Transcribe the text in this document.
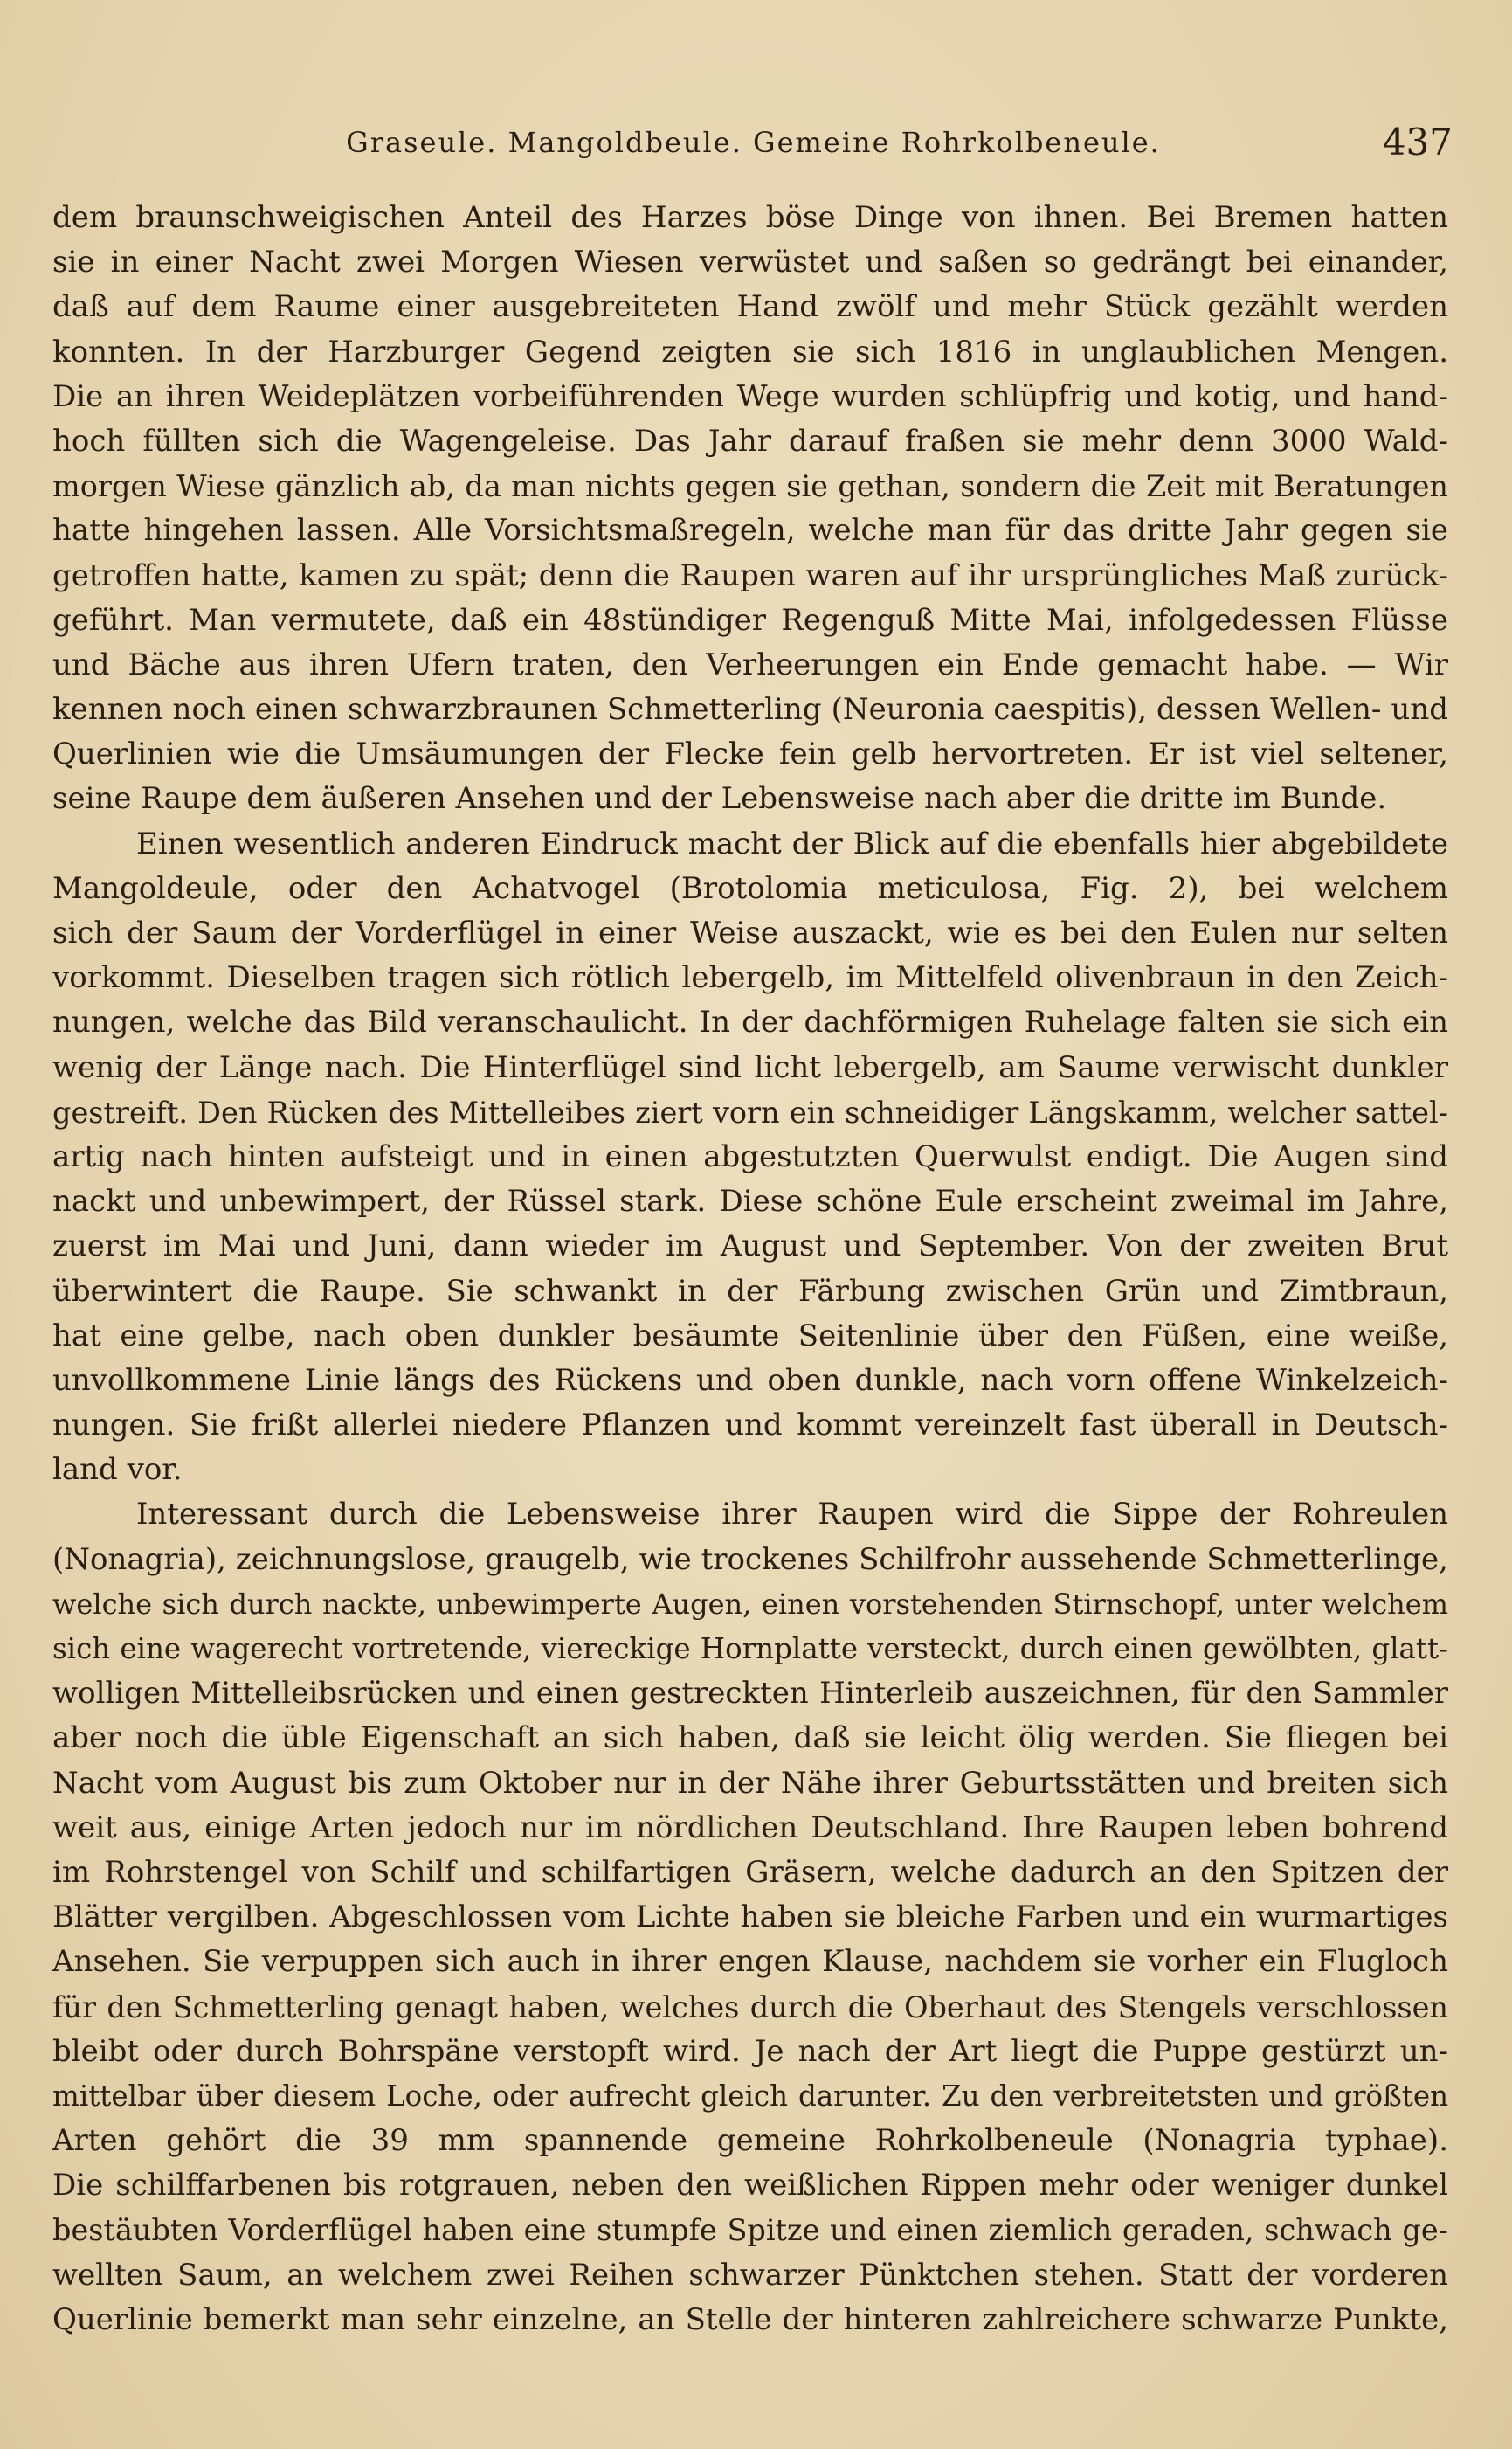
Graseule. Mangoldbeule. Gemeine Rohrkolbeneule.	437
dem braunschweigischen Anteil des Harzes böse Dinge von ihnen. Bei Bremen hatten
sie in einer Nacht zwei Morgen Wiesen verwüstet und saßen so gedrängt bei einander,
daß auf dem Raume einer ausgebreiteten Hand zwölf und mehr Stück gezählt werden
konnten. In der Harzburger Gegend zeigten sie sich 1816 in unglaublichen Mengen.
Die an ihren Weideplätzen vorbeiführenden Wege wurden schlüpfrig und kotig, und hand-
hoch füllten sich die Wagengeleise. Das Jahr darauf fraßen sie mehr denn 3000 Wald-
morgen Wiese gänzlich ab, da man nichts gegen sie gethan, sondern die Zeit mit Beratungen
hatte hingehen lassen. Alle Vorsichtsmaßregeln, welche man für das dritte Jahr gegen sie
getroffen hatte, kamen zu spät; denn die Raupen waren auf ihr ursprüngliches Maß zurück-
geführt. Man vermutete, daß ein 48stündiger Regenguß Mitte Mai, infolgedessen Flüsse
und Bäche aus ihren Ufern traten, den Verheerungen ein Ende gemacht habe. — Wir
kennen noch einen schwarzbraunen Schmetterling (Neuronia caespitis), dessen Wellen- und
Querlinien wie die Umsäumungen der Flecke fein gelb hervortreten. Er ist viel seltener,
seine Raupe dem äußeren Ansehen und der Lebensweise nach aber die dritte im Bunde.
Einen wesentlich anderen Eindruck macht der Blick auf die ebenfalls hier abgebildete
Mangoldeule, oder den Achatvogel (Brotolomia meticulosa, Fig. 2), bei welchem
sich der Saum der Vorderflügel in einer Weise auszackt, wie es bei den Eulen nur selten
vorkommt. Dieselben tragen sich rötlich lebergelb, im Mittelfeld olivenbraun in den Zeich-
nungen, welche das Bild veranschaulicht. In der dachförmigen Ruhelage falten sie sich ein
wenig der Länge nach. Die Hinterflügel sind licht lebergelb, am Saume verwischt dunkler
gestreift. Den Rücken des Mittelleibes ziert vorn ein schneidiger Längskamm, welcher sattel-
artig nach hinten aufsteigt und in einen abgestutzten Querwulst endigt. Die Augen sind
nackt und unbewimpert, der Rüssel stark. Diese schöne Eule erscheint zweimal im Jahre,
zuerst im Mai und Juni, dann wieder im August und September. Von der zweiten Brut
überwintert die Raupe. Sie schwankt in der Färbung zwischen Grün und Zimtbraun,
hat eine gelbe, nach oben dunkler besäumte Seitenlinie über den Füßen, eine weiße,
unvollkommene Linie längs des Rückens und oben dunkle, nach vorn offene Winkelzeich-
nungen. Sie frißt allerlei niedere Pflanzen und kommt vereinzelt fast überall in Deutsch-
land vor.
Interessant durch die Lebensweise ihrer Raupen wird die Sippe der Rohreulen
(Nonagria), zeichnungslose, graugelb, wie trockenes Schilfrohr aussehende Schmetterlinge,
welche sich durch nackte, unbewimperte Augen, einen vorstehenden Stirnschopf, unter welchem
sich eine wagerecht vortretende, viereckige Hornplatte versteckt, durch einen gewölbten, glatt-
wolligen Mittelleibsrücken und einen gestreckten Hinterleib auszeichnen, für den Sammler
aber noch die üble Eigenschaft an sich haben, daß sie leicht ölig werden. Sie fliegen bei
Nacht vom August bis zum Oktober nur in der Nähe ihrer Geburtsstätten und breiten sich
weit aus, einige Arten jedoch nur im nördlichen Deutschland. Ihre Raupen leben bohrend
im Rohrstengel von Schilf und schilfartigen Gräsern, welche dadurch an den Spitzen der
Blätter vergilben. Abgeschlossen vom Lichte haben sie bleiche Farben und ein wurmartiges
Ansehen. Sie verpuppen sich auch in ihrer engen Klause, nachdem sie vorher ein Flugloch
für den Schmetterling genagt haben, welches durch die Oberhaut des Stengels verschlossen
bleibt oder durch Bohrspäne verstopft wird. Je nach der Art liegt die Puppe gestürzt un-
mittelbar über diesem Loche, oder aufrecht gleich darunter. Zu den verbreitetsten und größten
Arten gehört die 39 mm spannende gemeine Rohrkolbeneule (Nonagria typhae).
Die schilffarbenen bis rotgrauen, neben den weißlichen Rippen mehr oder weniger dunkel
bestäubten Vorderflügel haben eine stumpfe Spitze und einen ziemlich geraden, schwach ge-
wellten Saum, an welchem zwei Reihen schwarzer Pünktchen stehen. Statt der vorderen
Querlinie bemerkt man sehr einzelne, an Stelle der hinteren zahlreichere schwarze Punkte,
